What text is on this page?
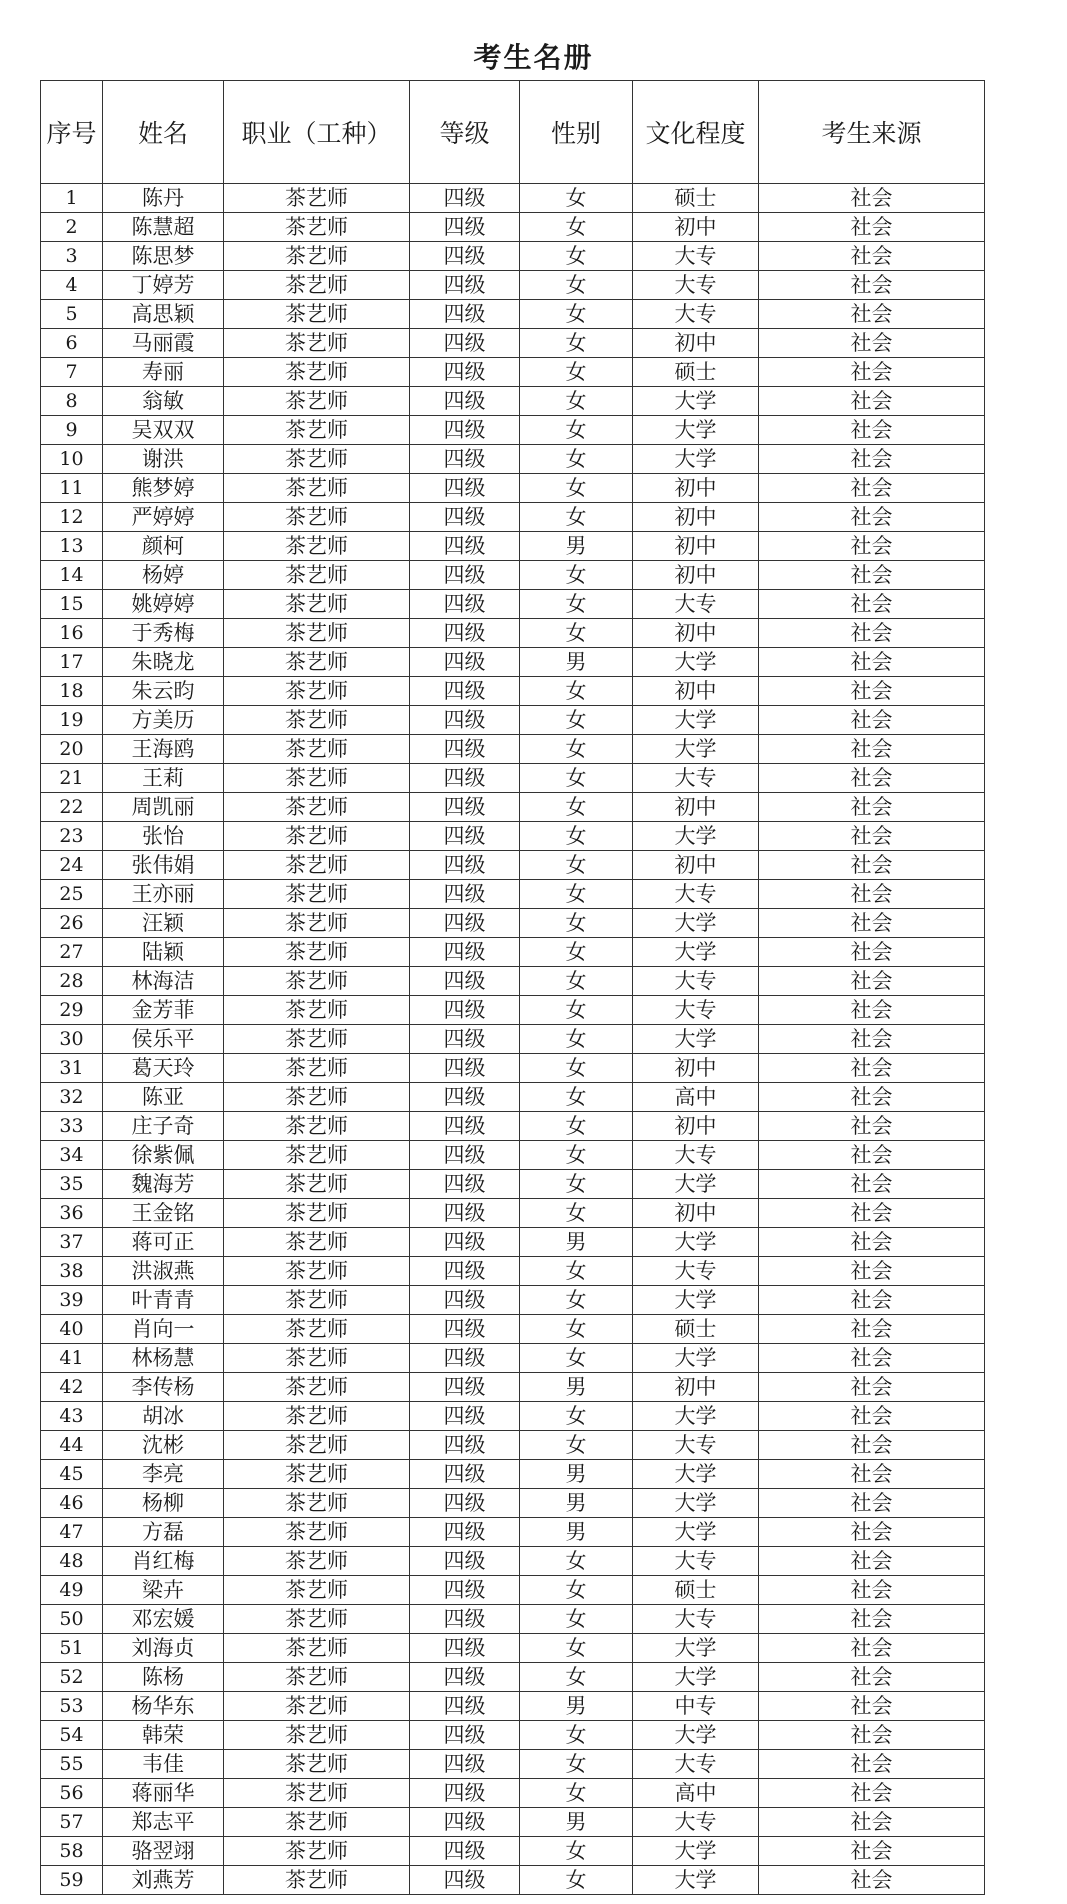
考生名册
序号	姓名	职业（工种）	等级	性别	文化程度	考生来源
1	陈丹	茶艺师	四级	女	硕士	社会
2	陈慧超	茶艺师	四级	女	初中	社会
3	陈思梦	茶艺师	四级	女	大专	社会
4	丁婷芳	茶艺师	四级	女	大专	社会
5	高思颖	茶艺师	四级	女	大专	社会
6	马丽霞	茶艺师	四级	女	初中	社会
7	寿丽	茶艺师	四级	女	硕士	社会
8	翁敏	茶艺师	四级	女	大学	社会
9	吴双双	茶艺师	四级	女	大学	社会
10	谢洪	茶艺师	四级	女	大学	社会
11	熊梦婷	茶艺师	四级	女	初中	社会
12	严婷婷	茶艺师	四级	女	初中	社会
13	颜柯	茶艺师	四级	男	初中	社会
14	杨婷	茶艺师	四级	女	初中	社会
15	姚婷婷	茶艺师	四级	女	大专	社会
16	于秀梅	茶艺师	四级	女	初中	社会
17	朱晓龙	茶艺师	四级	男	大学	社会
18	朱云昀	茶艺师	四级	女	初中	社会
19	方美历	茶艺师	四级	女	大学	社会
20	王海鸥	茶艺师	四级	女	大学	社会
21	王莉	茶艺师	四级	女	大专	社会
22	周凯丽	茶艺师	四级	女	初中	社会
23	张怡	茶艺师	四级	女	大学	社会
24	张伟娟	茶艺师	四级	女	初中	社会
25	王亦丽	茶艺师	四级	女	大专	社会
26	汪颖	茶艺师	四级	女	大学	社会
27	陆颖	茶艺师	四级	女	大学	社会
28	林海洁	茶艺师	四级	女	大专	社会
29	金芳菲	茶艺师	四级	女	大专	社会
30	侯乐平	茶艺师	四级	女	大学	社会
31	葛天玲	茶艺师	四级	女	初中	社会
32	陈亚	茶艺师	四级	女	高中	社会
33	庄子奇	茶艺师	四级	女	初中	社会
34	徐紫佩	茶艺师	四级	女	大专	社会
35	魏海芳	茶艺师	四级	女	大学	社会
36	王金铭	茶艺师	四级	女	初中	社会
37	蒋可正	茶艺师	四级	男	大学	社会
38	洪淑燕	茶艺师	四级	女	大专	社会
39	叶青青	茶艺师	四级	女	大学	社会
40	肖向一	茶艺师	四级	女	硕士	社会
41	林杨慧	茶艺师	四级	女	大学	社会
42	李传杨	茶艺师	四级	男	初中	社会
43	胡冰	茶艺师	四级	女	大学	社会
44	沈彬	茶艺师	四级	女	大专	社会
45	李亮	茶艺师	四级	男	大学	社会
46	杨柳	茶艺师	四级	男	大学	社会
47	方磊	茶艺师	四级	男	大学	社会
48	肖红梅	茶艺师	四级	女	大专	社会
49	梁卉	茶艺师	四级	女	硕士	社会
50	邓宏媛	茶艺师	四级	女	大专	社会
51	刘海贞	茶艺师	四级	女	大学	社会
52	陈杨	茶艺师	四级	女	大学	社会
53	杨华东	茶艺师	四级	男	中专	社会
54	韩荣	茶艺师	四级	女	大学	社会
55	韦佳	茶艺师	四级	女	大专	社会
56	蒋丽华	茶艺师	四级	女	高中	社会
57	郑志平	茶艺师	四级	男	大专	社会
58	骆翌翊	茶艺师	四级	女	大学	社会
59	刘燕芳	茶艺师	四级	女	大学	社会
